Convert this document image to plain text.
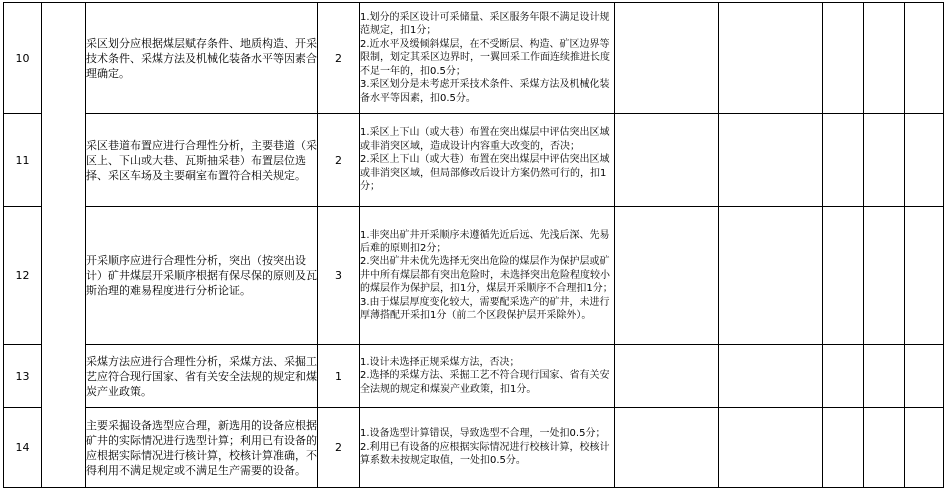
10		采区划分应根据煤层赋存条件、地质构造、开采技术条件、采煤方法及机械化装备水平等因素合理确定。	2	1.划分的采区设计可采储量、采区服务年限不满足设计规范规定，扣1分；
2.近水平及缓倾斜煤层，在不受断层、构造、矿区边界等限制，划定其采区边界时，一翼回采工作面连续推进长度不足一年的，扣0.5分；
3.采区划分是未考虑开采技术条件、采煤方法及机械化装备水平等因素，扣0.5分。					

11		采区巷道布置应进行合理性分析，主要巷道（采区上、下山或大巷、瓦斯抽采巷）布置层位选择、采区车场及主要硐室布置符合相关规定。	2	1.采区上下山（或大巷）布置在突出煤层中评估突出区域或非消突区域，造成设计内容重大改变的，否决；
2.采区上下山（或大巷）布置在突出煤层中评估突出区域或非消突区域，但局部修改后设计方案仍然可行的，扣1分；					

12		开采顺序应进行合理性分析，突出（按突出设计）矿井煤层开采顺序根据有保尽保的原则及瓦斯治理的难易程度进行分析论证。	3	1.非突出矿井开采顺序未遵循先近后远、先浅后深、先易后难的原则扣2分；
2.突出矿井未优先选择无突出危险的煤层作为保护层或矿井中所有煤层都有突出危险时，未选择突出危险程度较小的煤层作为保护层，扣1分，煤层开采顺序不合理扣1分；
3.由于煤层厚度变化较大，需要配采选产的矿井，未进行厚薄搭配开采扣1分（前二个区段保护层开采除外）。					

13		采煤方法应进行合理性分析，采煤方法、采掘工艺应符合现行国家、省有关安全法规的规定和煤炭产业政策。	1	1.设计未选择正规采煤方法，否决；
2.选择的采煤方法、采掘工艺不符合现行国家、省有关安全法规的规定和煤炭产业政策，扣1分。					

14		主要采掘设备选型应合理，新选用的设备应根据矿井的实际情况进行选型计算；利用已有设备的应根据实际情况进行核计算，校核计算准确，不得利用不满足规定或不满足生产需要的设备。	2	1.设备选型计算错误，导致选型不合理，一处扣0.5分；
2.利用已有设备的应根据实际情况进行校核计算，校核计算系数未按规定取值，一处扣0.5分。					
